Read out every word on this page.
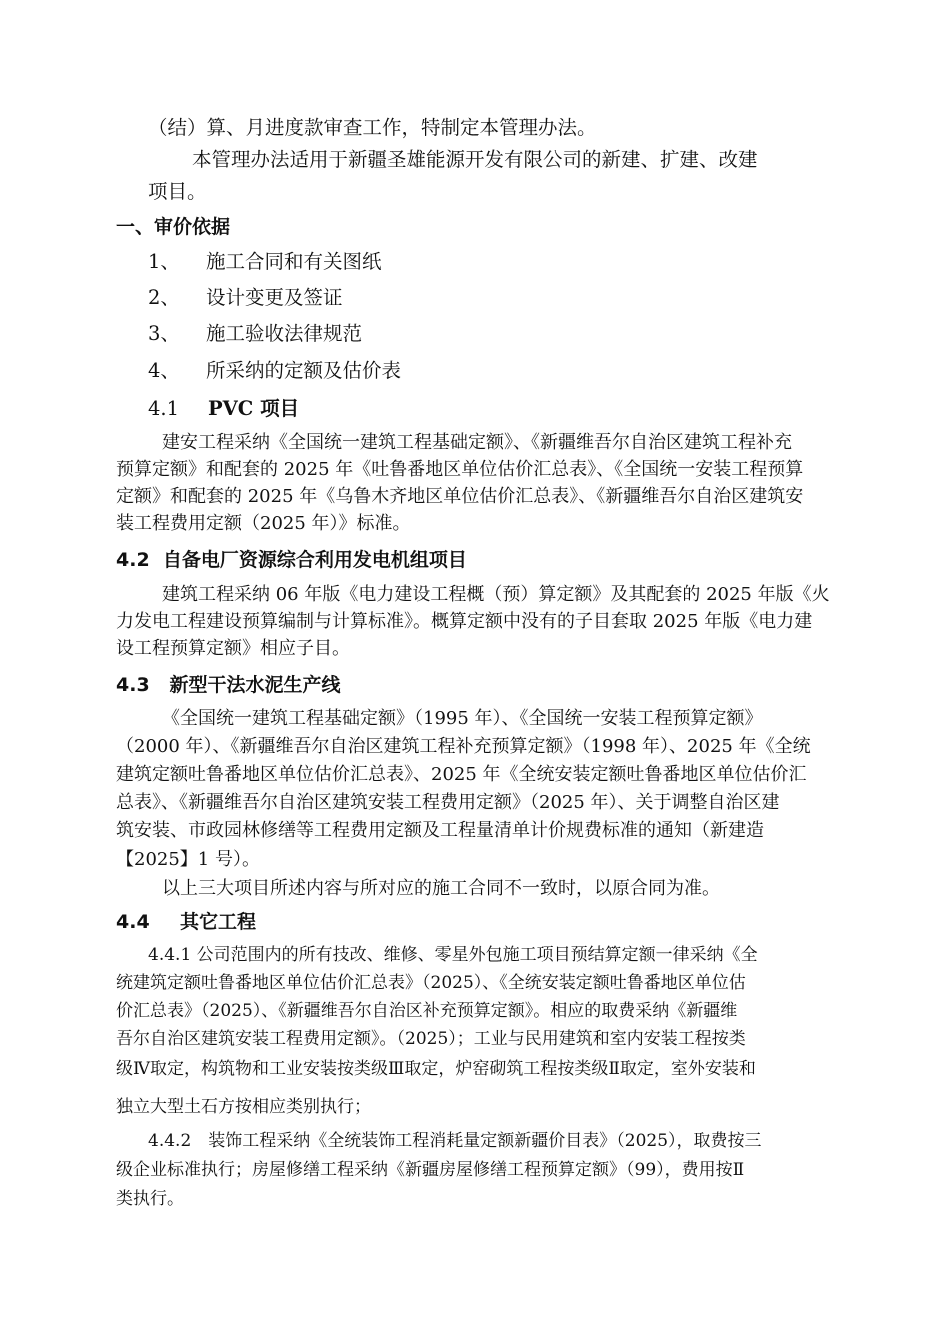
（结）算、月进度款审查工作，特制定本管理办法。
本管理办法适用于新疆圣雄能源开发有限公司的新建、扩建、改建
项目。
一、审价依据
1、 施工合同和有关图纸
2、 设计变更及签证
3、 施工验收法律规范
4、 所采纳的定额及估价表
4.1 PVC 项目
建安工程采纳《全国统一建筑工程基础定额》、《新疆维吾尔自治区建筑工程补充
预算定额》和配套的 2025 年《吐鲁番地区单位估价汇总表》、《全国统一安装工程预算
定额》和配套的 2025 年《乌鲁木齐地区单位估价汇总表》、《新疆维吾尔自治区建筑安
装工程费用定额（2025 年）》标准。
4.2 自备电厂资源综合利用发电机组项目
建筑工程采纳 06 年版《电力建设工程概（预）算定额》及其配套的 2025 年版《火
力发电工程建设预算编制与计算标准》。概算定额中没有的子目套取 2025 年版《电力建
设工程预算定额》相应子目。
4.3 新型干法水泥生产线
《全国统一建筑工程基础定额》（1995 年）、《全国统一安装工程预算定额》
（2000 年）、《新疆维吾尔自治区建筑工程补充预算定额》（1998 年）、2025 年《全统
建筑定额吐鲁番地区单位估价汇总表》、2025 年《全统安装定额吐鲁番地区单位估价汇
总表》、《新疆维吾尔自治区建筑安装工程费用定额》（2025 年）、关于调整自治区建
筑安装、市政园林修缮等工程费用定额及工程量清单计价规费标准的通知（新建造
【2025】1 号）。
以上三大项目所述内容与所对应的施工合同不一致时，以原合同为准。
4.4 其它工程
4.4.1 公司范围内的所有技改、维修、零星外包施工项目预结算定额一律采纳《全
统建筑定额吐鲁番地区单位估价汇总表》（2025）、《全统安装定额吐鲁番地区单位估
价汇总表》（2025）、《新疆维吾尔自治区补充预算定额》。相应的取费采纳《新疆维
吾尔自治区建筑安装工程费用定额》。（2025）；工业与民用建筑和室内安装工程按类
级Ⅳ取定，构筑物和工业安装按类级Ⅲ取定，炉窑砌筑工程按类级Ⅱ取定，室外安装和
独立大型土石方按相应类别执行；
4.4.2　装饰工程采纳《全统装饰工程消耗量定额新疆价目表》（2025），取费按三
级企业标准执行；房屋修缮工程采纳《新疆房屋修缮工程预算定额》（99），费用按Ⅱ
类执行。
